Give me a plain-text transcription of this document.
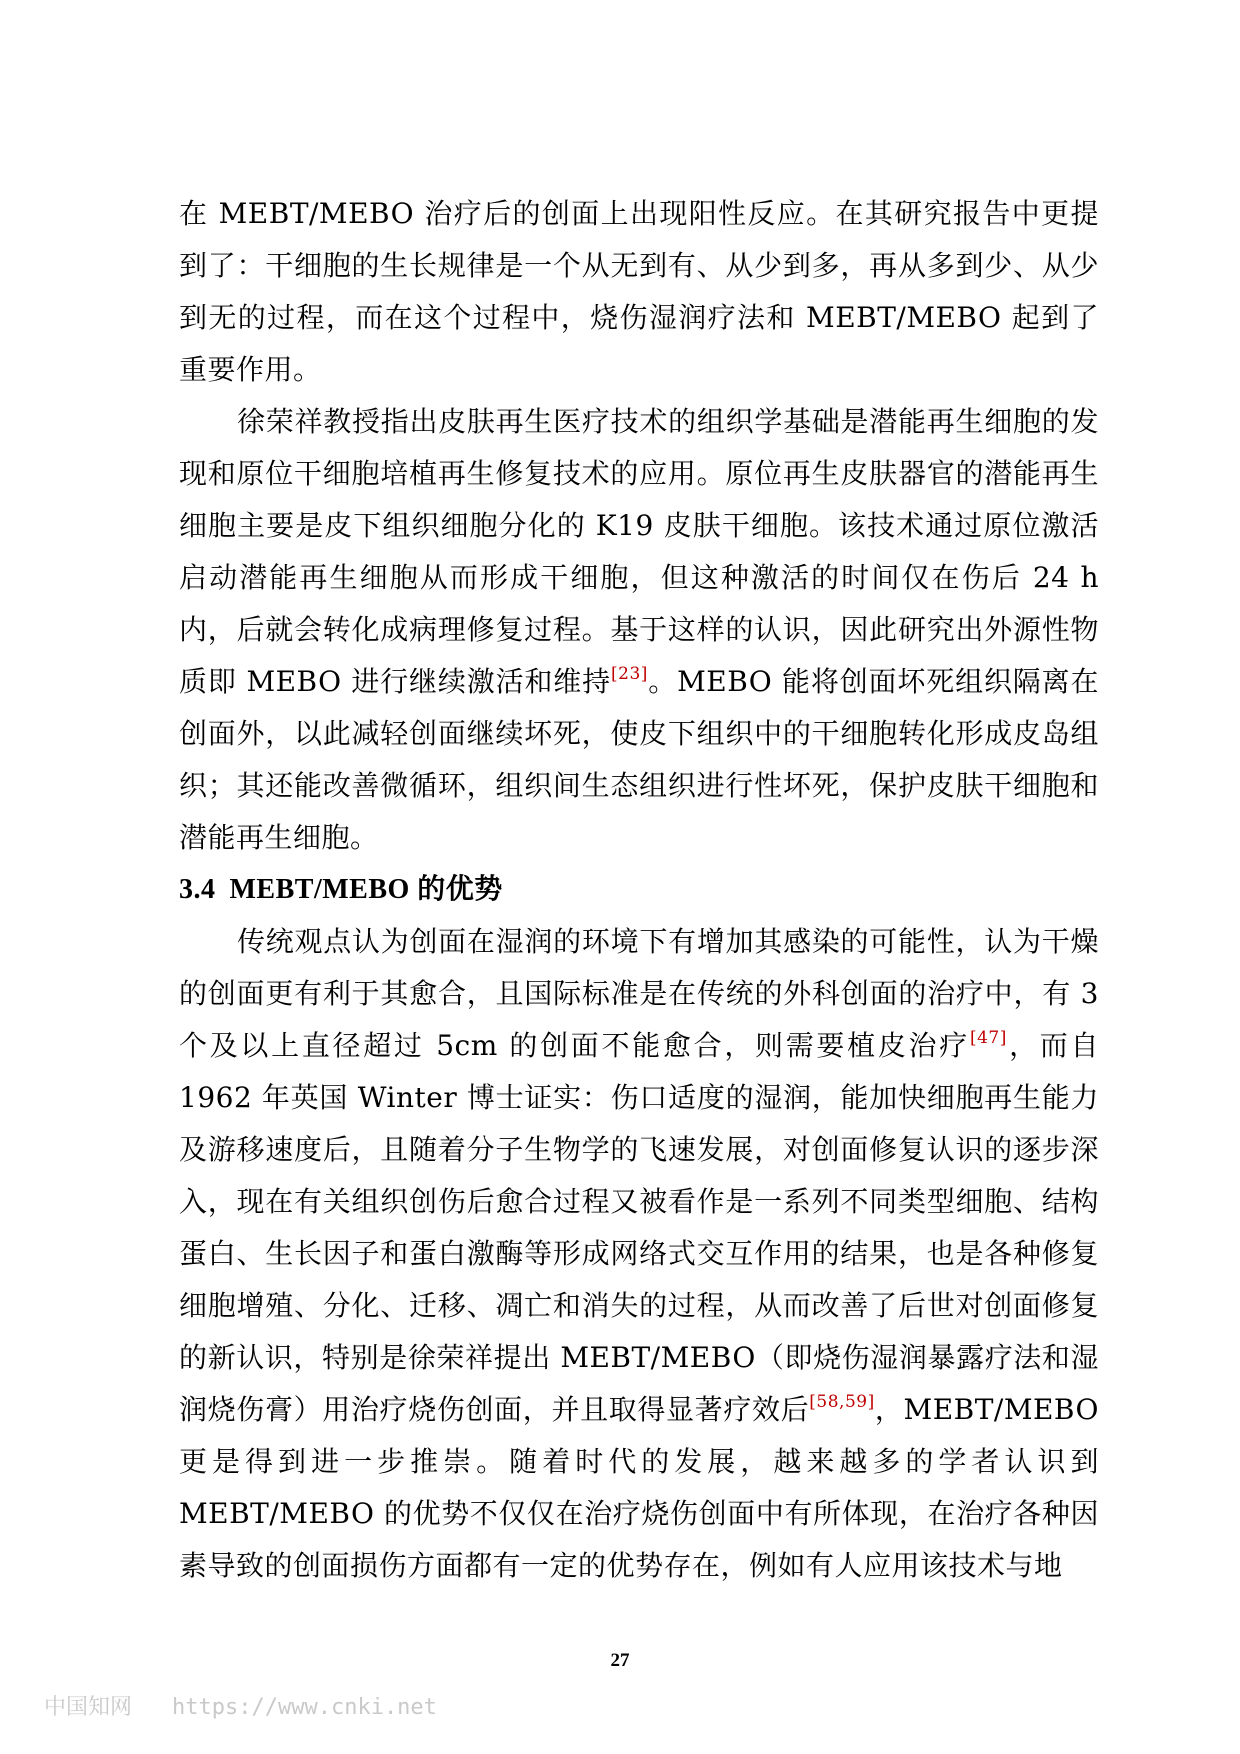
在 MEBT/MEBO 治疗后的创面上出现阳性反应。在其研究报告中更提到了：干细胞的生长规律是一个从无到有、从少到多，再从多到少、从少到无的过程，而在这个过程中，烧伤湿润疗法和 MEBT/MEBO 起到了重要作用。

徐荣祥教授指出皮肤再生医疗技术的组织学基础是潜能再生细胞的发现和原位干细胞培植再生修复技术的应用。原位再生皮肤器官的潜能再生细胞主要是皮下组织细胞分化的 K19 皮肤干细胞。该技术通过原位激活启动潜能再生细胞从而形成干细胞，但这种激活的时间仅在伤后 24 h 内，后就会转化成病理修复过程。基于这样的认识，因此研究出外源性物质即 MEBO 进行继续激活和维持[23]。MEBO 能将创面坏死组织隔离在创面外，以此减轻创面继续坏死，使皮下组织中的干细胞转化形成皮岛组织；其还能改善微循环，组织间生态组织进行性坏死，保护皮肤干细胞和潜能再生细胞。

3.4 MEBT/MEBO 的优势

传统观点认为创面在湿润的环境下有增加其感染的可能性，认为干燥的创面更有利于其愈合，且国际标准是在传统的外科创面的治疗中，有 3 个及以上直径超过 5cm 的创面不能愈合，则需要植皮治疗[47]，而自 1962 年英国 Winter 博士证实：伤口适度的湿润，能加快细胞再生能力及游移速度后，且随着分子生物学的飞速发展，对创面修复认识的逐步深入，现在有关组织创伤后愈合过程又被看作是一系列不同类型细胞、结构蛋白、生长因子和蛋白激酶等形成网络式交互作用的结果，也是各种修复细胞增殖、分化、迁移、凋亡和消失的过程，从而改善了后世对创面修复的新认识，特别是徐荣祥提出 MEBT/MEBO（即烧伤湿润暴露疗法和湿润烧伤膏）用治疗烧伤创面，并且取得显著疗效后[58,59]，MEBT/MEBO 更是得到进一步推崇。随着时代的发展，越来越多的学者认识到 MEBT/MEBO 的优势不仅仅在治疗烧伤创面中有所体现，在治疗各种因素导致的创面损伤方面都有一定的优势存在，例如有人应用该技术与地

27
中国知网 https://www.cnki.net
